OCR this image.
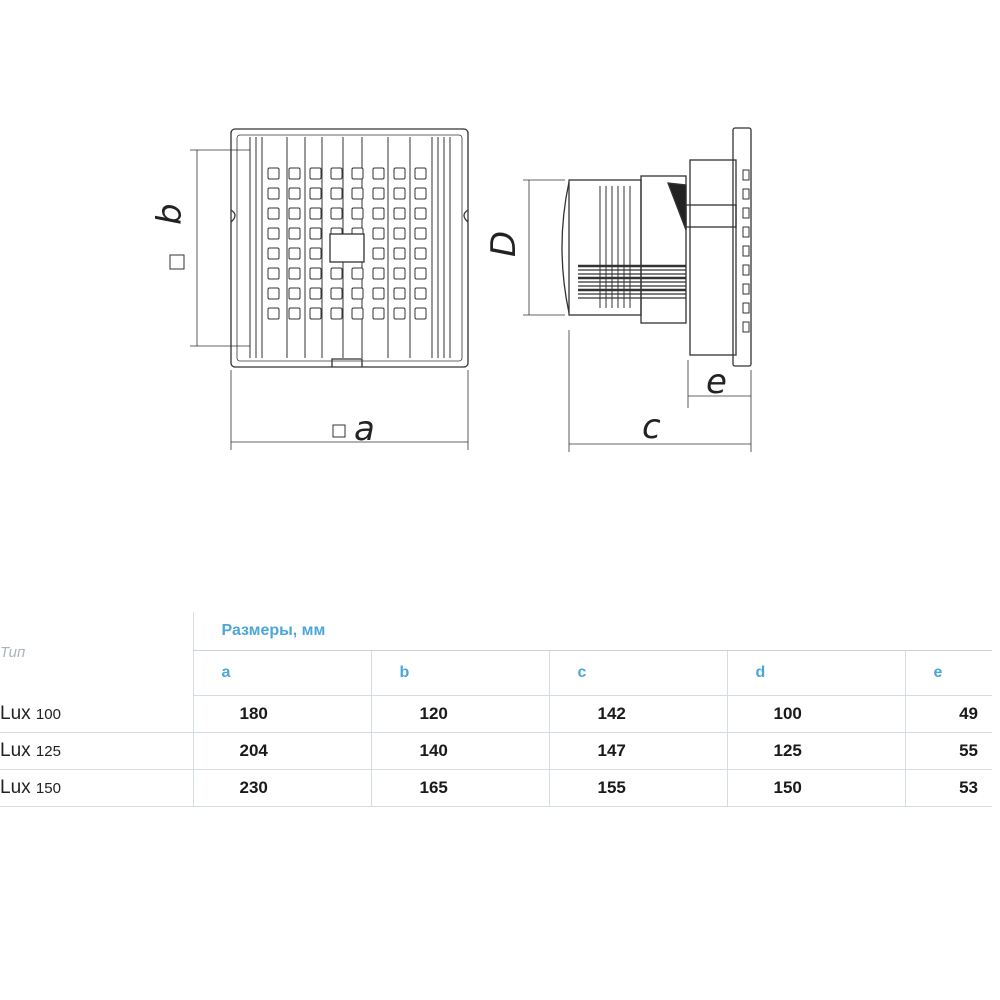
b
a
D
c
e
Тип	Размеры, мм				
	a	b	c	d	e
Lux 100	180	120	142	100	49
Lux 125	204	140	147	125	55
Lux 150	230	165	155	150	53
